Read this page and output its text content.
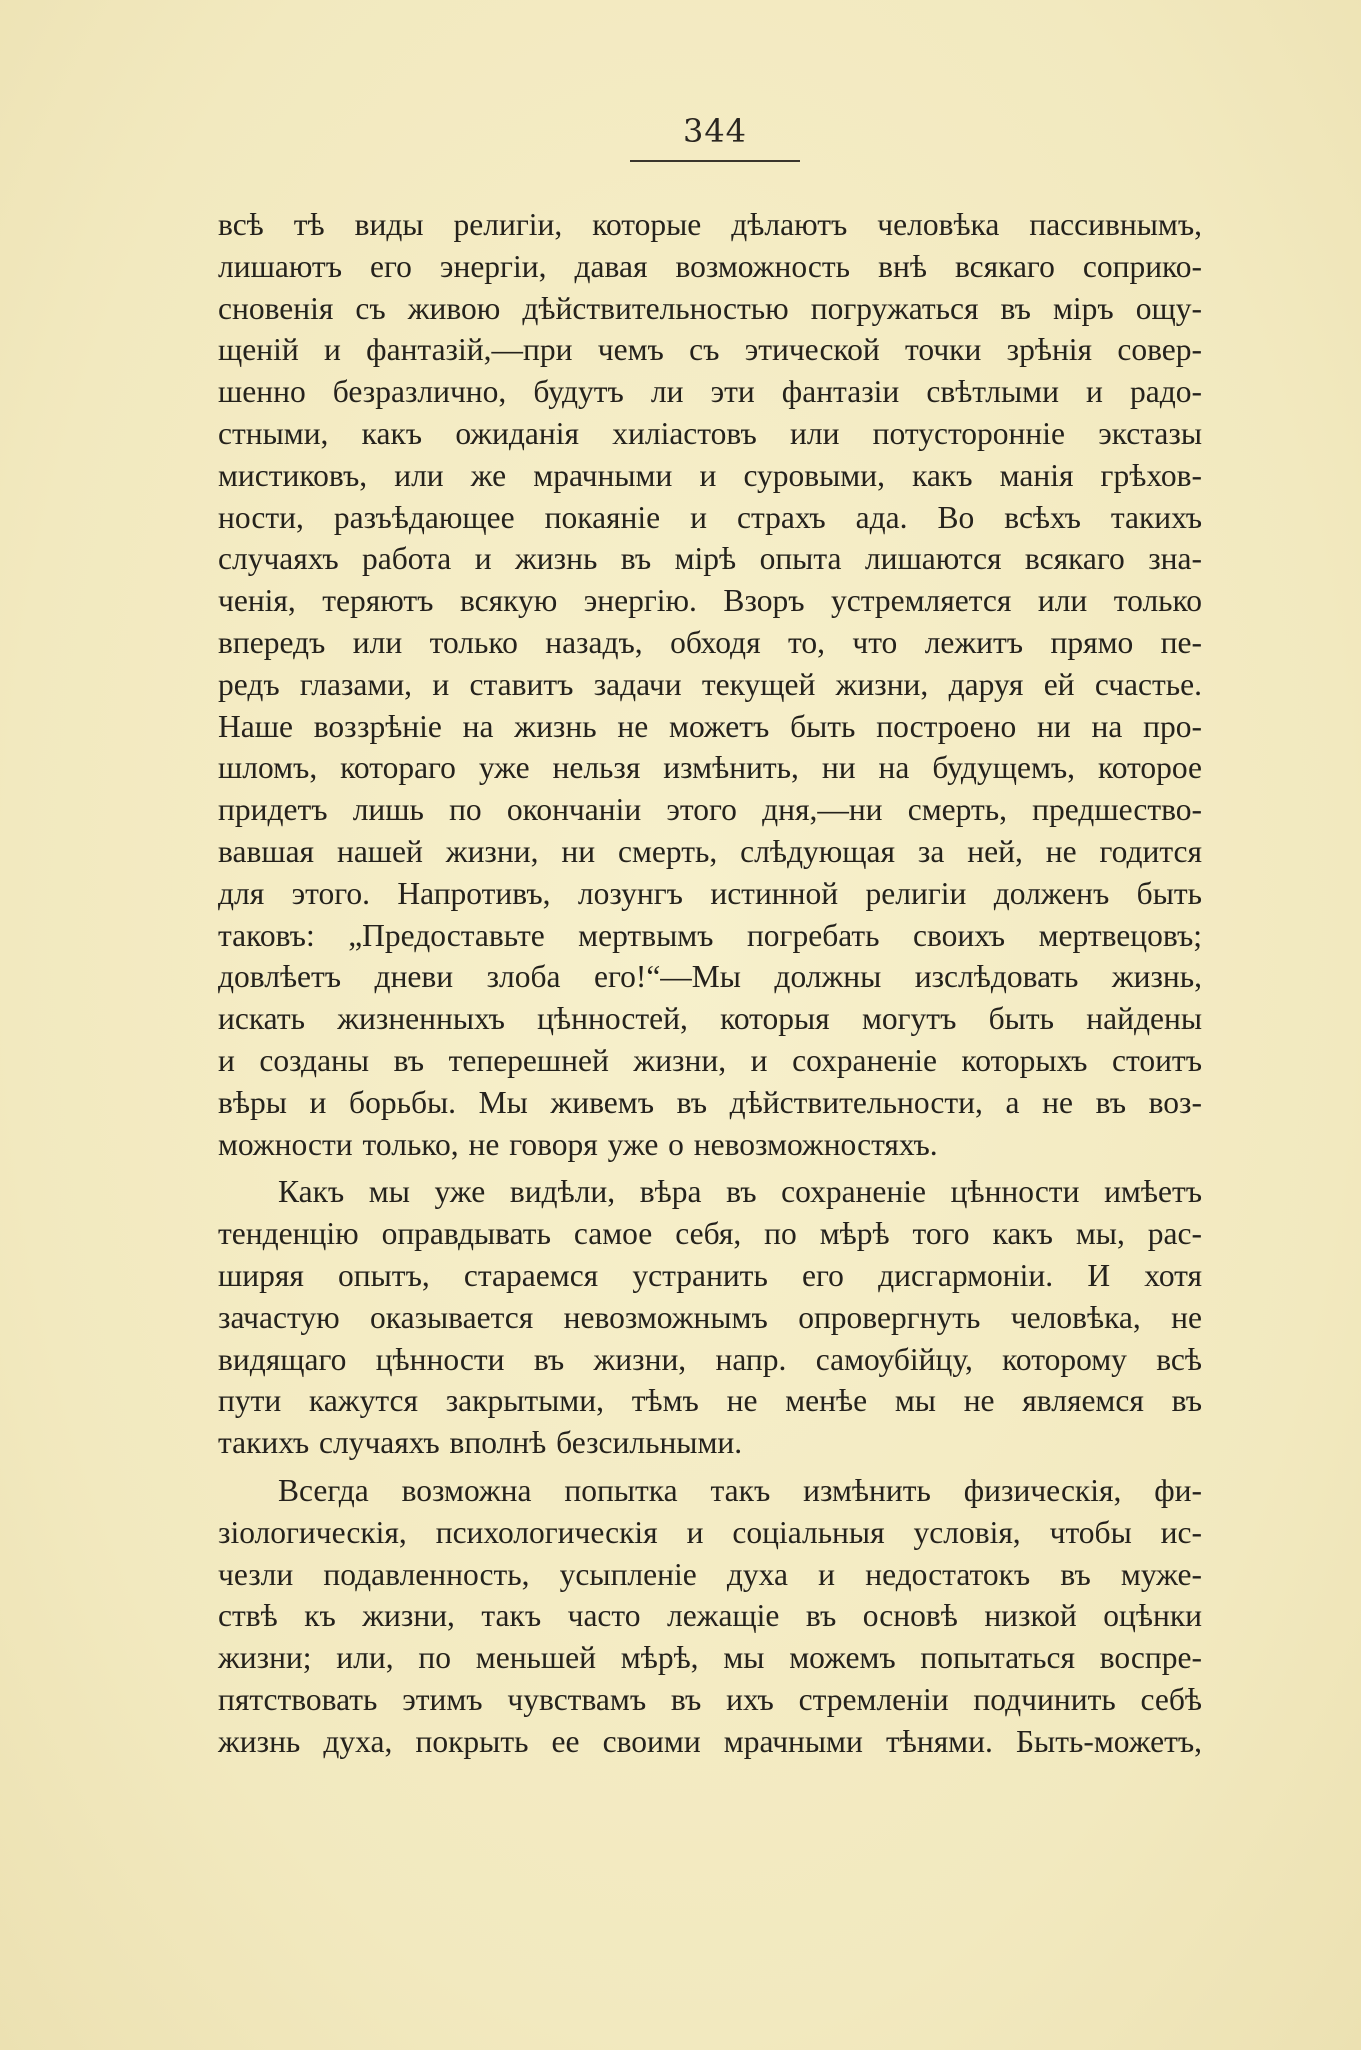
344
всѣ тѣ виды религіи, которые дѣлаютъ человѣка пассивнымъ,
лишаютъ его энергіи, давая возможность внѣ всякаго соприко-
сновенія съ живою дѣйствительностью погружаться въ міръ ощу-
щеній и фантазій,—при чемъ съ этической точки зрѣнія совер-
шенно безразлично, будутъ ли эти фантазіи свѣтлыми и радо-
стными, какъ ожиданія хиліастовъ или потустороннiе экстазы
мистиковъ, или же мрачными и суровыми, какъ манія грѣхов-
ности, разъѣдающее покаяніе и страхъ ада. Во всѣхъ такихъ
случаяхъ работа и жизнь въ мірѣ опыта лишаются всякаго зна-
ченія, теряютъ всякую энергію. Взоръ устремляется или только
впередъ или только назадъ, обходя то, что лежитъ прямо пе-
редъ глазами, и ставитъ задачи текущей жизни, даруя ей счастье.
Наше воззрѣніе на жизнь не можетъ быть построено ни на про-
шломъ, котораго уже нельзя измѣнить, ни на будущемъ, которое
придетъ лишь по окончаніи этого дня,—ни смерть, предшество-
вавшая нашей жизни, ни смерть, слѣдующая за ней, не годится
для этого. Напротивъ, лозунгъ истинной религіи долженъ быть
таковъ: „Предоставьте мертвымъ погребать своихъ мертвецовъ;
довлѣетъ дневи злоба его!“—Мы должны изслѣдовать жизнь,
искать жизненныхъ цѣнностей, которыя могутъ быть найдены
и созданы въ теперешней жизни, и сохраненіе которыхъ стоитъ
вѣры и борьбы. Мы живемъ въ дѣйствительности, а не въ воз-
можности только, не говоря уже о невозможностяхъ.
Какъ мы уже видѣли, вѣра въ сохраненіе цѣнности имѣетъ
тенденцію оправдывать самое себя, по мѣрѣ того какъ мы, рас-
ширяя опытъ, стараемся устранить его дисгармоніи. И хотя
зачастую оказывается невозможнымъ опровергнуть человѣка, не
видящаго цѣнности въ жизни, напр. самоубійцу, которому всѣ
пути кажутся закрытыми, тѣмъ не менѣе мы не являемся въ
такихъ случаяхъ вполнѣ безсильными.
Всегда возможна попытка такъ измѣнить физическія, фи-
зіологическія, психологическія и соціальныя условія, чтобы ис-
чезли подавленность, усыпленіе духа и недостатокъ въ муже-
ствѣ къ жизни, такъ часто лежащіе въ основѣ низкой оцѣнки
жизни; или, по меньшей мѣрѣ, мы можемъ попытаться воспре-
пятствовать этимъ чувствамъ въ ихъ стремленіи подчинить себѣ
жизнь духа, покрыть ее своими мрачными тѣнями. Быть-можетъ,
